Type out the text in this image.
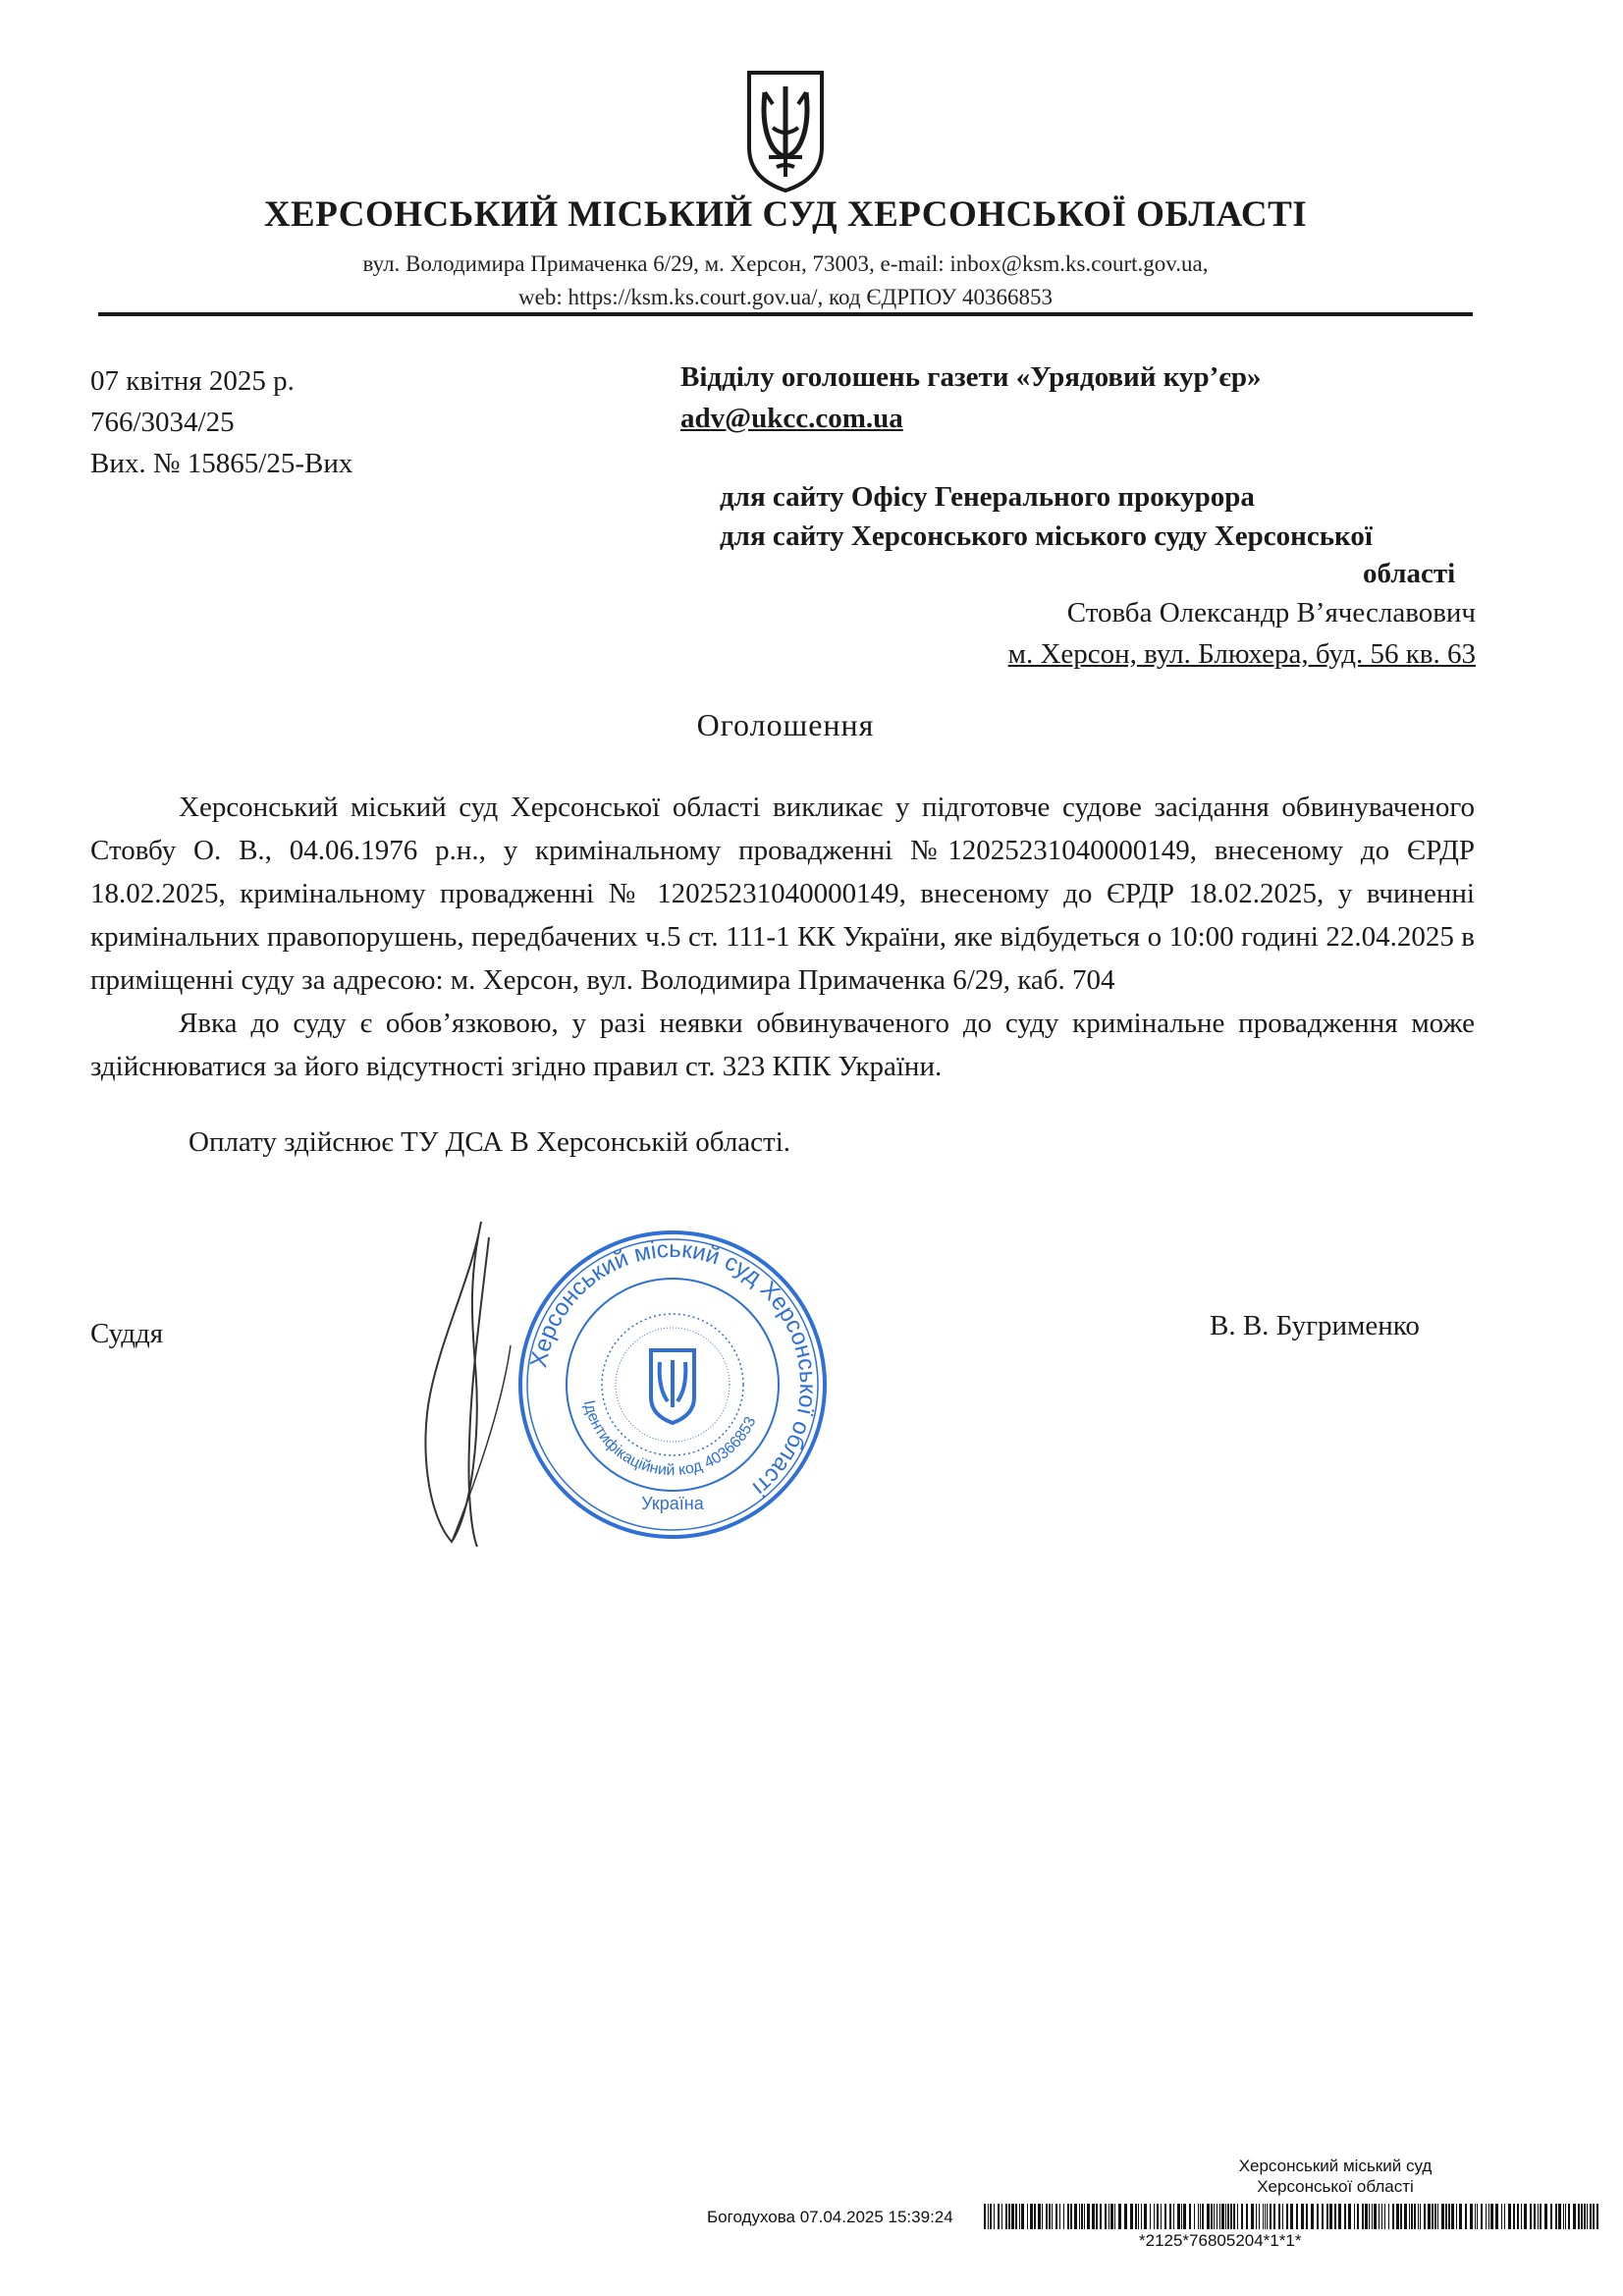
ХЕРСОНСЬКИЙ МІСЬКИЙ СУД ХЕРСОНСЬКОЇ ОБЛАСТІ
вул. Володимира Примаченка 6/29, м. Херсон, 73003, e-mail: inbox@ksm.ks.court.gov.ua,
web: https://ksm.ks.court.gov.ua/, код ЄДРПОУ 40366853
07 квітня 2025 р.
766/3034/25
Вих. № 15865/25-Вих
Відділу оголошень газети «Урядовий кур’єр»
adv@ukcc.com.ua
для сайту Офісу Генерального прокурора
для сайту Херсонського міського суду Херсонської
області
Стовба Олександр В’ячеславович
м. Херсон, вул. Блюхера, буд. 56 кв. 63
Оголошення

Херсонський міський суд Херсонської області викликає у підготовче судове засідання обвинуваченого Стовбу О. В., 04.06.1976 р.н., у кримінальному провадженні №12025231040000149, внесеному до ЄРДР 18.02.2025, кримінальному провадженні № 12025231040000149, внесеному до ЄРДР 18.02.2025, у вчиненні кримінальних правопорушень, передбачених ч.5 ст. 111-1 КК України, яке відбудеться о 10:00 годині 22.04.2025 в приміщенні суду за адресою: м. Херсон, вул. Володимира Примаченка 6/29, каб. 704

Явка до суду є обов’язковою, у разі неявки обвинуваченого до суду кримінальне провадження може здійснюватися за його відсутності згідно правил ст. 323 КПК України.

Оплату здійснює ТУ ДСА В Херсонській області.
Суддя	В. В. Бугрименко
Херсонський міський суд Херсонської області
Ідентифікаційний код 40366853
Україна
Херсонський міський суд
Херсонської області
Богодухова 07.04.2025 15:39:24
*2125*76805204*1*1*
